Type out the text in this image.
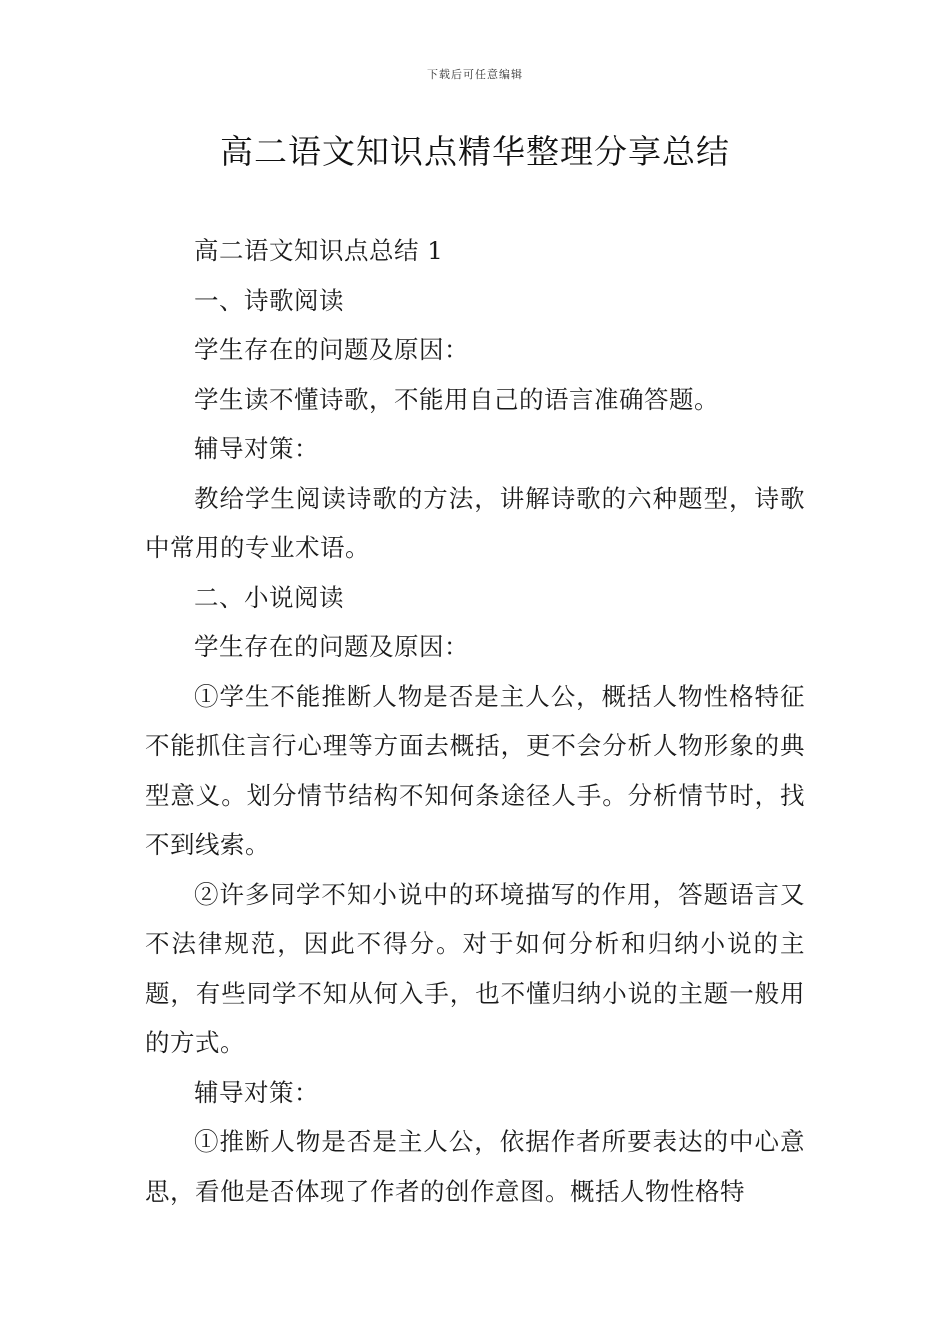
下载后可任意编辑
高二语文知识点精华整理分享总结

高二语文知识点总结 1

一、诗歌阅读

学生存在的问题及原因：

学生读不懂诗歌，不能用自己的语言准确答题。

辅导对策：

教给学生阅读诗歌的方法，讲解诗歌的六种题型，诗歌中常用的专业术语。

二、小说阅读

学生存在的问题及原因：

①学生不能推断人物是否是主人公，概括人物性格特征不能抓住言行心理等方面去概括，更不会分析人物形象的典型意义。划分情节结构不知何条途径人手。分析情节时，找不到线索。

②许多同学不知小说中的环境描写的作用，答题语言又不法律规范，因此不得分。对于如何分析和归纳小说的主题，有些同学不知从何入手，也不懂归纳小说的主题一般用的方式。

辅导对策：

①推断人物是否是主人公，依据作者所要表达的中心意思，看他是否体现了作者的创作意图。概括人物性格特
